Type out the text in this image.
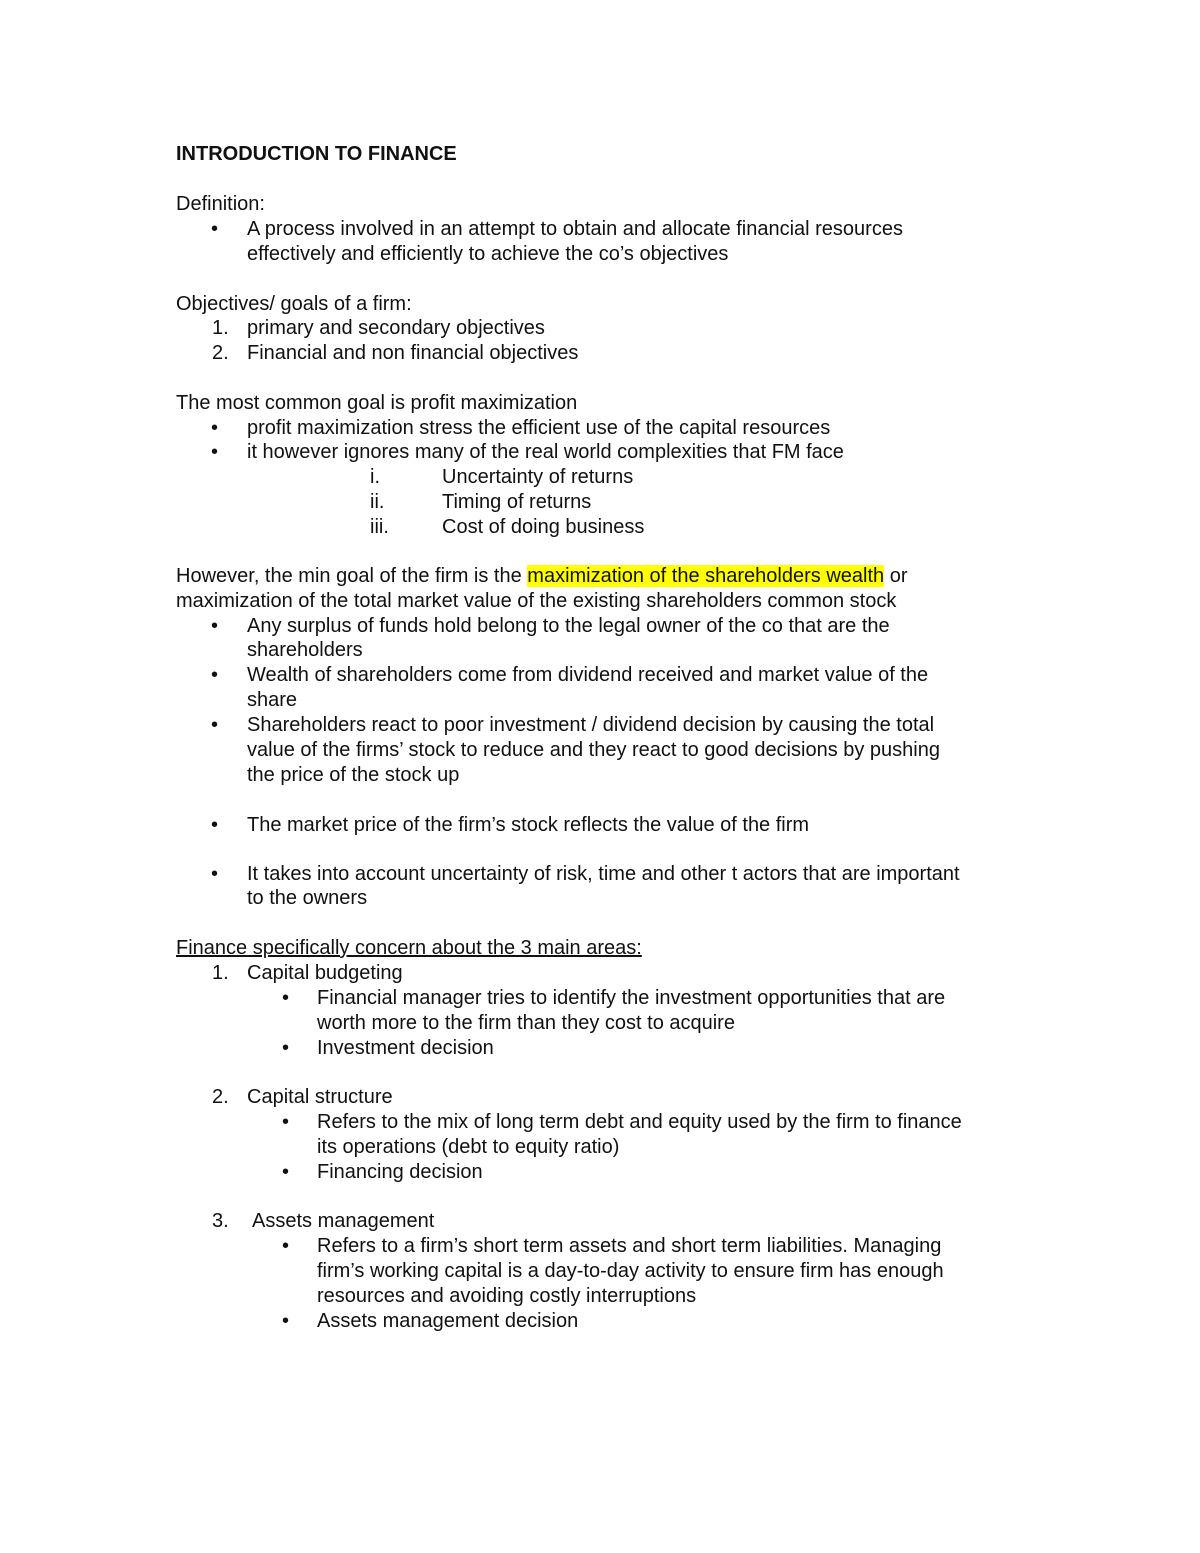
INTRODUCTION TO FINANCE
Definition:
• A process involved in an attempt to obtain and allocate financial resources
effectively and efficiently to achieve the co’s objectives
Objectives/ goals of a firm:
1. primary and secondary objectives
2. Financial and non financial objectives
The most common goal is profit maximization
• profit maximization stress the efficient use of the capital resources
• it however ignores many of the real world complexities that FM face
i.	Uncertainty of returns
ii.	Timing of returns
iii.	Cost of doing business
However, the min goal of the firm is the maximization of the shareholders wealth or
maximization of the total market value of the existing shareholders common stock
• Any surplus of funds hold belong to the legal owner of the co that are the
shareholders
• Wealth of shareholders come from dividend received and market value of the
share
• Shareholders react to poor investment / dividend decision by causing the total
value of the firms’ stock to reduce and they react to good decisions by pushing
the price of the stock up
• The market price of the firm’s stock reflects the value of the firm
• It takes into account uncertainty of risk, time and other t actors that are important
to the owners
Finance specifically concern about the 3 main areas:
1. Capital budgeting
• Financial manager tries to identify the investment opportunities that are
worth more to the firm than they cost to acquire
• Investment decision
2. Capital structure
• Refers to the mix of long term debt and equity used by the firm to finance
its operations (debt to equity ratio)
• Financing decision
3. Assets management
• Refers to a firm’s short term assets and short term liabilities. Managing
firm’s working capital is a day-to-day activity to ensure firm has enough
resources and avoiding costly interruptions
• Assets management decision
